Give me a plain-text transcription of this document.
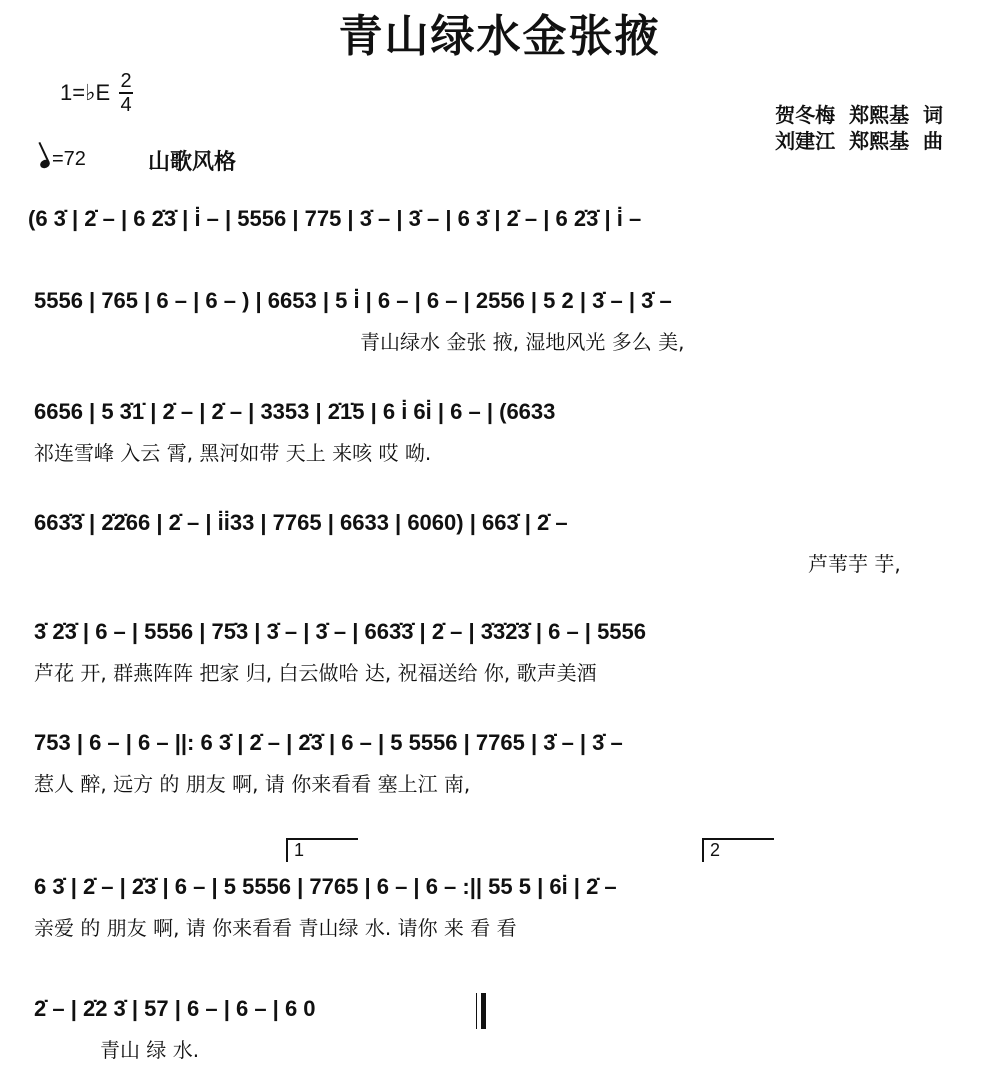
青山绿水金张掖
1=♭E 2
4
=72	山歌风格
贺冬梅  郑熙基  词
刘建江  郑熙基  曲
(6 3̇ | 2̇ – | 6 2̇3̇ | i̇ – | 5556 | 775 | 3̇ – | 3̇ – | 6 3̇ | 2̇ – | 6 2̇3̇ | i̇ –
5556 | 765 | 6 – | 6 – ) | 6653 | 5 i̇ | 6 – | 6 – | 2556 | 5 2 | 3̇ – | 3̇ –
青山绿水 金张 掖, 湿地风光 多么 美,
6656 | 5 3̇1̇ | 2̇ – | 2̇ – | 3353 | 2̇1̇5 | 6 i̇ 6i̇ | 6 – | (6633
祁连雪峰 入云 霄, 黑河如带 天上 来咳 哎 呦.
663̇3̇ | 2̇2̇66 | 2̇ – | i̇i̇33 | 7765 | 6633 | 6060) | 663̇ | 2̇ –
芦苇芋 芋,
3̇ 2̇3̇ | 6 – | 5556 | 75̇3 | 3̇ – | 3̇ – | 663̇3̇ | 2̇ – | 3̇3̇2̇3̇ | 6 – | 5556
芦花 开, 群燕阵阵 把家 归, 白云做哈 达, 祝福送给 你, 歌声美酒
753 | 6 – | 6 – ||: 6 3̇ | 2̇ – | 2̇3̇ | 6 – | 5 5556 | 7765 | 3̇ – | 3̇ –
惹人 醉, 远方 的 朋友 啊, 请 你来看看 塞上江 南,
1	2
6 3̇ | 2̇ – | 2̇3̇ | 6 – | 5 5556 | 7765 | 6 – | 6 – :|| 55 5 | 6i̇ | 2̇ –
亲爱 的 朋友 啊, 请 你来看看 青山绿 水. 请你 来 看 看
2̇ – | 2̇2 3̇ | 57 | 6 – | 6 – | 6 0
青山 绿 水.
